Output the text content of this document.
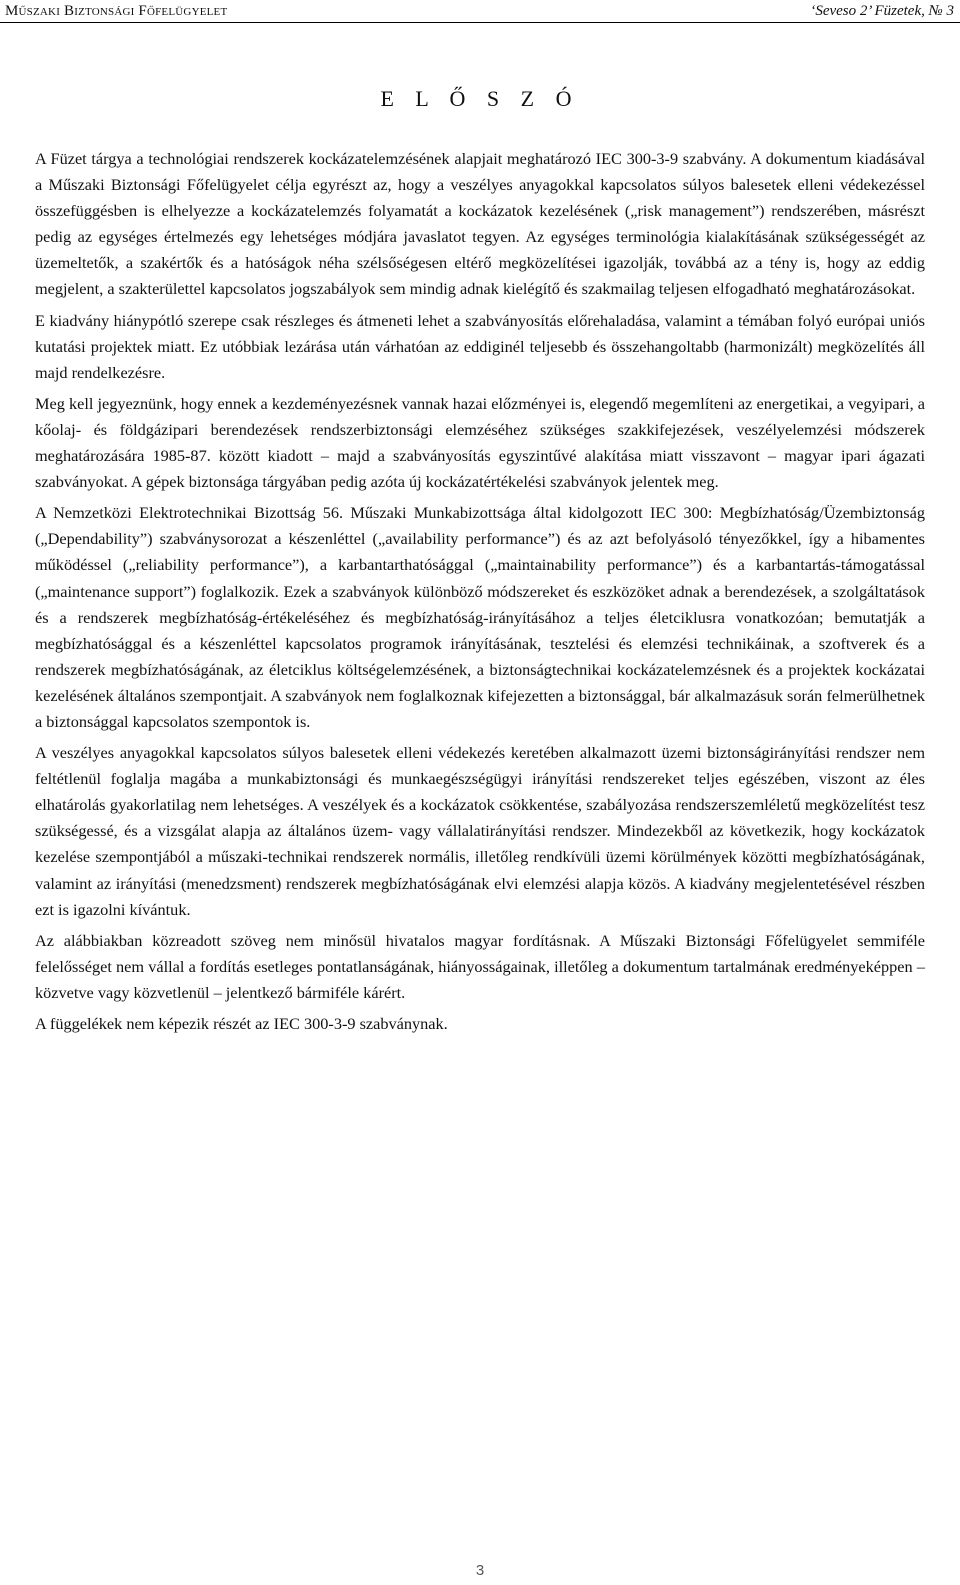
Műszaki Biztonsági Főfelügyelet	‘Seveso 2’ Füzetek, № 3
E L Ő S Z Ó

A Füzet tárgya a technológiai rendszerek kockázatelemzésének alapjait meghatározó IEC 300-3-9 szabvány. A dokumentum kiadásával a Műszaki Biztonsági Főfelügyelet célja egyrészt az, hogy a veszélyes anyagokkal kapcsolatos súlyos balesetek elleni védekezéssel összefüggésben is elhelyezze a kockázatelemzés folyamatát a kockázatok kezelésének („risk management”) rendszerében, másrészt pedig az egységes értelmezés egy lehetséges módjára javaslatot tegyen. Az egységes terminológia kialakításának szükségességét az üzemeltetők, a szakértők és a hatóságok néha szélsőségesen eltérő megközelítései igazolják, továbbá az a tény is, hogy az eddig megjelent, a szakterülettel kapcsolatos jogszabályok sem mindig adnak kielégítő és szakmailag teljesen elfogadható meghatározásokat.

E kiadvány hiánypótló szerepe csak részleges és átmeneti lehet a szabványosítás előrehaladása, valamint a témában folyó európai uniós kutatási projektek miatt. Ez utóbbiak lezárása után várhatóan az eddiginél teljesebb és összehangoltabb (harmonizált) megközelítés áll majd rendelkezésre.

Meg kell jegyeznünk, hogy ennek a kezdeményezésnek vannak hazai előzményei is, elegendő megemlíteni az energetikai, a vegyipari, a kőolaj- és földgázipari berendezések rendszerbiztonsági elemzéséhez szükséges szakkifejezések, veszélyelemzési módszerek meghatározására 1985-87. között kiadott – majd a szabványosítás egyszintűvé alakítása miatt visszavont – magyar ipari ágazati szabványokat. A gépek biztonsága tárgyában pedig azóta új kockázatértékelési szabványok jelentek meg.

A Nemzetközi Elektrotechnikai Bizottság 56. Műszaki Munkabizottsága által kidolgozott IEC 300: Megbízhatóság/Üzembiztonság („Dependability”) szabványsorozat a készenléttel („availability performance”) és az azt befolyásoló tényezőkkel, így a hibamentes működéssel („reliability performance”), a karbantarthatósággal („maintainability performance”) és a karbantartás-támogatással („maintenance support”) foglalkozik. Ezek a szabványok különböző módszereket és eszközöket adnak a berendezések, a szolgáltatások és a rendszerek megbízhatóság-értékeléséhez és megbízhatóság-irányításához a teljes életciklusra vonatkozóan; bemutatják a megbízhatósággal és a készenléttel kapcsolatos programok irányításának, tesztelési és elemzési technikáinak, a szoftverek és a rendszerek megbízhatóságának, az életciklus költségelemzésének, a biztonságtechnikai kockázatelemzésnek és a projektek kockázatai kezelésének általános szempontjait. A szabványok nem foglalkoznak kifejezetten a biztonsággal, bár alkalmazásuk során felmerülhetnek a biztonsággal kapcsolatos szempontok is.

A veszélyes anyagokkal kapcsolatos súlyos balesetek elleni védekezés keretében alkalmazott üzemi biztonságirányítási rendszer nem feltétlenül foglalja magába a munkabiztonsági és munkaegészségügyi irányítási rendszereket teljes egészében, viszont az éles elhatárolás gyakorlatilag nem lehetséges. A veszélyek és a kockázatok csökkentése, szabályozása rendszerszemléletű megközelítést tesz szükségessé, és a vizsgálat alapja az általános üzem- vagy vállalatirányítási rendszer. Mindezekből az következik, hogy kockázatok kezelése szempontjából a műszaki-technikai rendszerek normális, illetőleg rendkívüli üzemi körülmények közötti megbízhatóságának, valamint az irányítási (menedzsment) rendszerek megbízhatóságának elvi elemzési alapja közös. A kiadvány megjelentetésével részben ezt is igazolni kívántuk.

Az alábbiakban közreadott szöveg nem minősül hivatalos magyar fordításnak. A Műszaki Biztonsági Főfelügyelet semmiféle felelősséget nem vállal a fordítás esetleges pontatlanságának, hiányosságainak, illetőleg a dokumentum tartalmának eredményeképpen – közvetve vagy közvetlenül – jelentkező bármiféle kárért.

A függelékek nem képezik részét az IEC 300-3-9 szabványnak.

3
